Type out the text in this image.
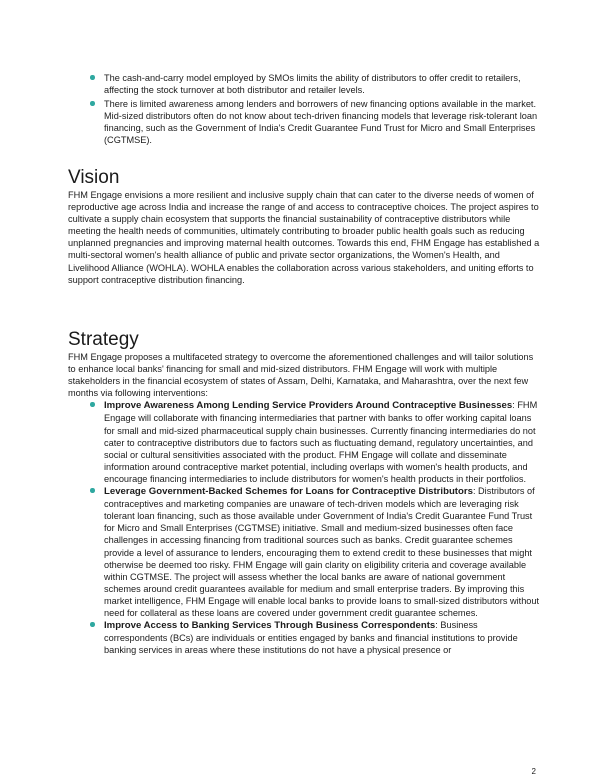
The cash-and-carry model employed by SMOs limits the ability of distributors to offer credit to retailers, affecting the stock turnover at both distributor and retailer levels.
There is limited awareness among lenders and borrowers of new financing options available in the market. Mid-sized distributors often do not know about tech-driven financing models that leverage risk-tolerant loan financing, such as the Government of India's Credit Guarantee Fund Trust for Micro and Small Enterprises (CGTMSE).
Vision

FHM Engage envisions a more resilient and inclusive supply chain that can cater to the diverse needs of women of reproductive age across India and increase the range of and access to contraceptive choices. The project aspires to cultivate a supply chain ecosystem that supports the financial sustainability of contraceptive distributors while meeting the health needs of communities, ultimately contributing to broader public health goals such as reducing unplanned pregnancies and improving maternal health outcomes. Towards this end, FHM Engage has established a multi-sectoral women's health alliance of public and private sector organizations, the Women's Health, and Livelihood Alliance (WOHLA). WOHLA enables the collaboration across various stakeholders, and uniting efforts to support contraceptive distribution financing.

Strategy

FHM Engage proposes a multifaceted strategy to overcome the aforementioned challenges and will tailor solutions to enhance local banks' financing for small and mid-sized distributors. FHM Engage will work with multiple stakeholders in the financial ecosystem of states of Assam, Delhi, Karnataka, and Maharashtra, over the next few months via following interventions:

Improve Awareness Among Lending Service Providers Around Contraceptive Businesses: FHM Engage will collaborate with financing intermediaries that partner with banks to offer working capital loans for small and mid-sized pharmaceutical supply chain businesses. Currently financing intermediaries do not cater to contraceptive distributors due to factors such as fluctuating demand, regulatory uncertainties, and social or cultural sensitivities associated with the product. FHM Engage will collate and disseminate information around contraceptive market potential, including overlaps with women's health products, and encourage financing intermediaries to include distributors for women's health products in their portfolios.
Leverage Government-Backed Schemes for Loans for Contraceptive Distributors: Distributors of contraceptives and marketing companies are unaware of tech-driven models which are leveraging risk tolerant loan financing, such as those available under Government of India's Credit Guarantee Fund Trust for Micro and Small Enterprises (CGTMSE) initiative. Small and medium-sized businesses often face challenges in accessing financing from traditional sources such as banks. Credit guarantee schemes provide a level of assurance to lenders, encouraging them to extend credit to these businesses that might otherwise be deemed too risky. FHM Engage will gain clarity on eligibility criteria and coverage available within CGTMSE. The project will assess whether the local banks are aware of national government schemes around credit guarantees available for medium and small enterprise traders. By improving this market intelligence, FHM Engage will enable local banks to provide loans to small-sized distributors without need for collateral as these loans are covered under government credit guarantee schemes.
Improve Access to Banking Services Through Business Correspondents: Business correspondents (BCs) are individuals or entities engaged by banks and financial institutions to provide banking services in areas where these institutions do not have a physical presence or
2
